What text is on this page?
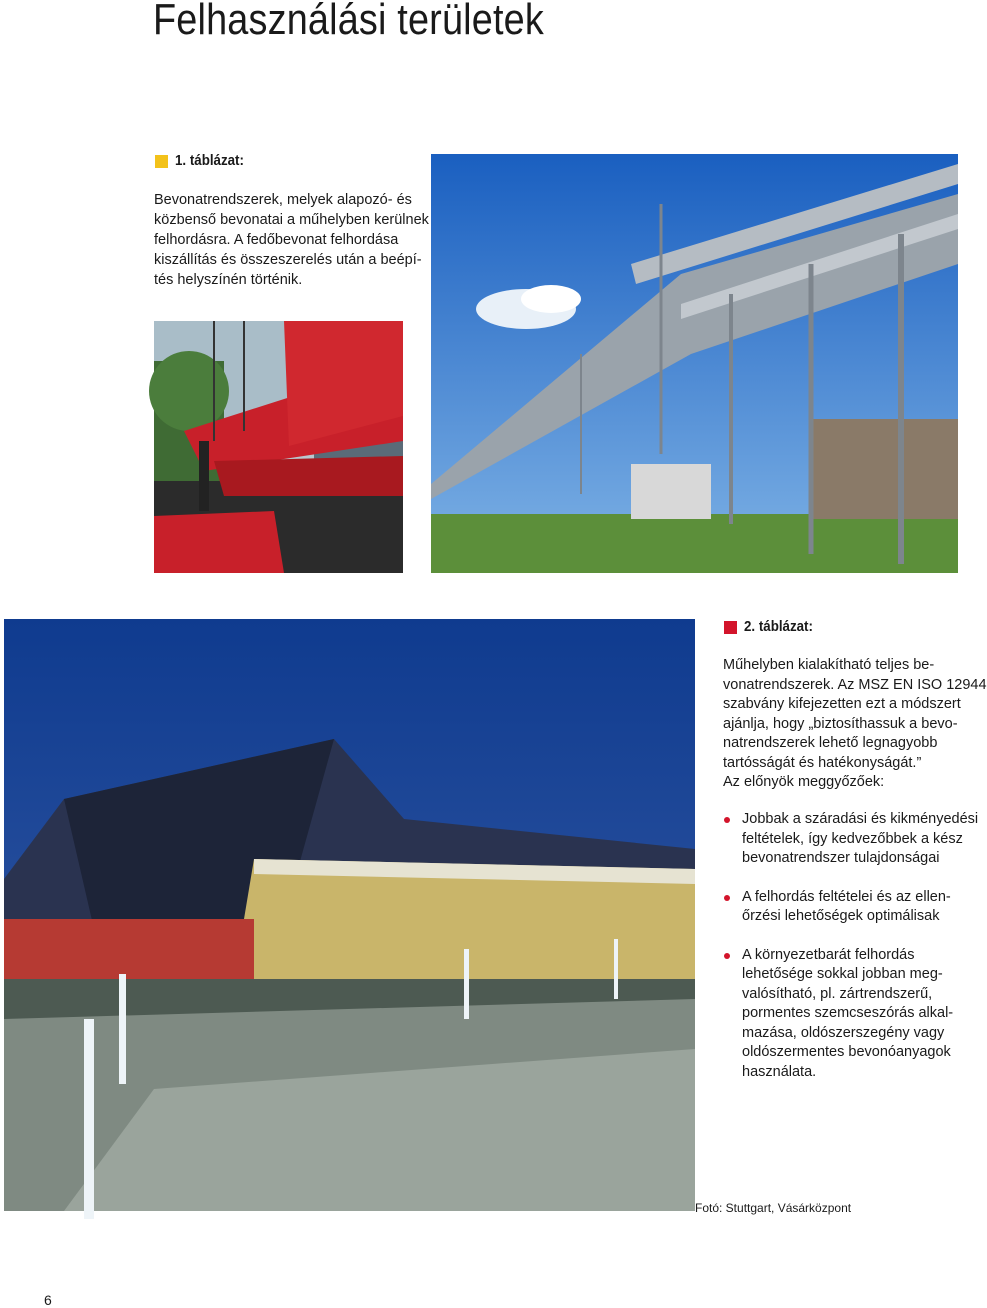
Felhasználási területek
1. táblázat:
Bevonatrendszerek, melyek alapozó- és
közbenső bevonatai a műhelyben kerülnek
felhordásra. A fedőbevonat felhordása
kiszállítás és összeszerelés után a beépí-
tés helyszínén történik.
2. táblázat:
Műhelyben kialakítható teljes be-
vonatrendszerek. Az MSZ EN ISO 12944
szabvány kifejezetten ezt a módszert
ajánlja, hogy „biztosíthassuk a bevo-
natrendszerek lehető legnagyobb
tartósságát és hatékonyságát.”
Az előnyök meggyőzőek:
Jobbak a száradási és kikményedési
feltételek, így kedvezőbbek a kész
bevonatrendszer tulajdonságai
A felhordás feltételei és az ellen-
őrzési lehetőségek optimálisak
A környezetbarát felhordás
lehetősége sokkal jobban meg-
valósítható, pl. zártrendszerű,
pormentes szemcseszórás alkal-
mazása, oldószerszegény vagy
oldószermentes bevonóanyagok
használata.
Fotó: Stuttgart, Vásárközpont
6
